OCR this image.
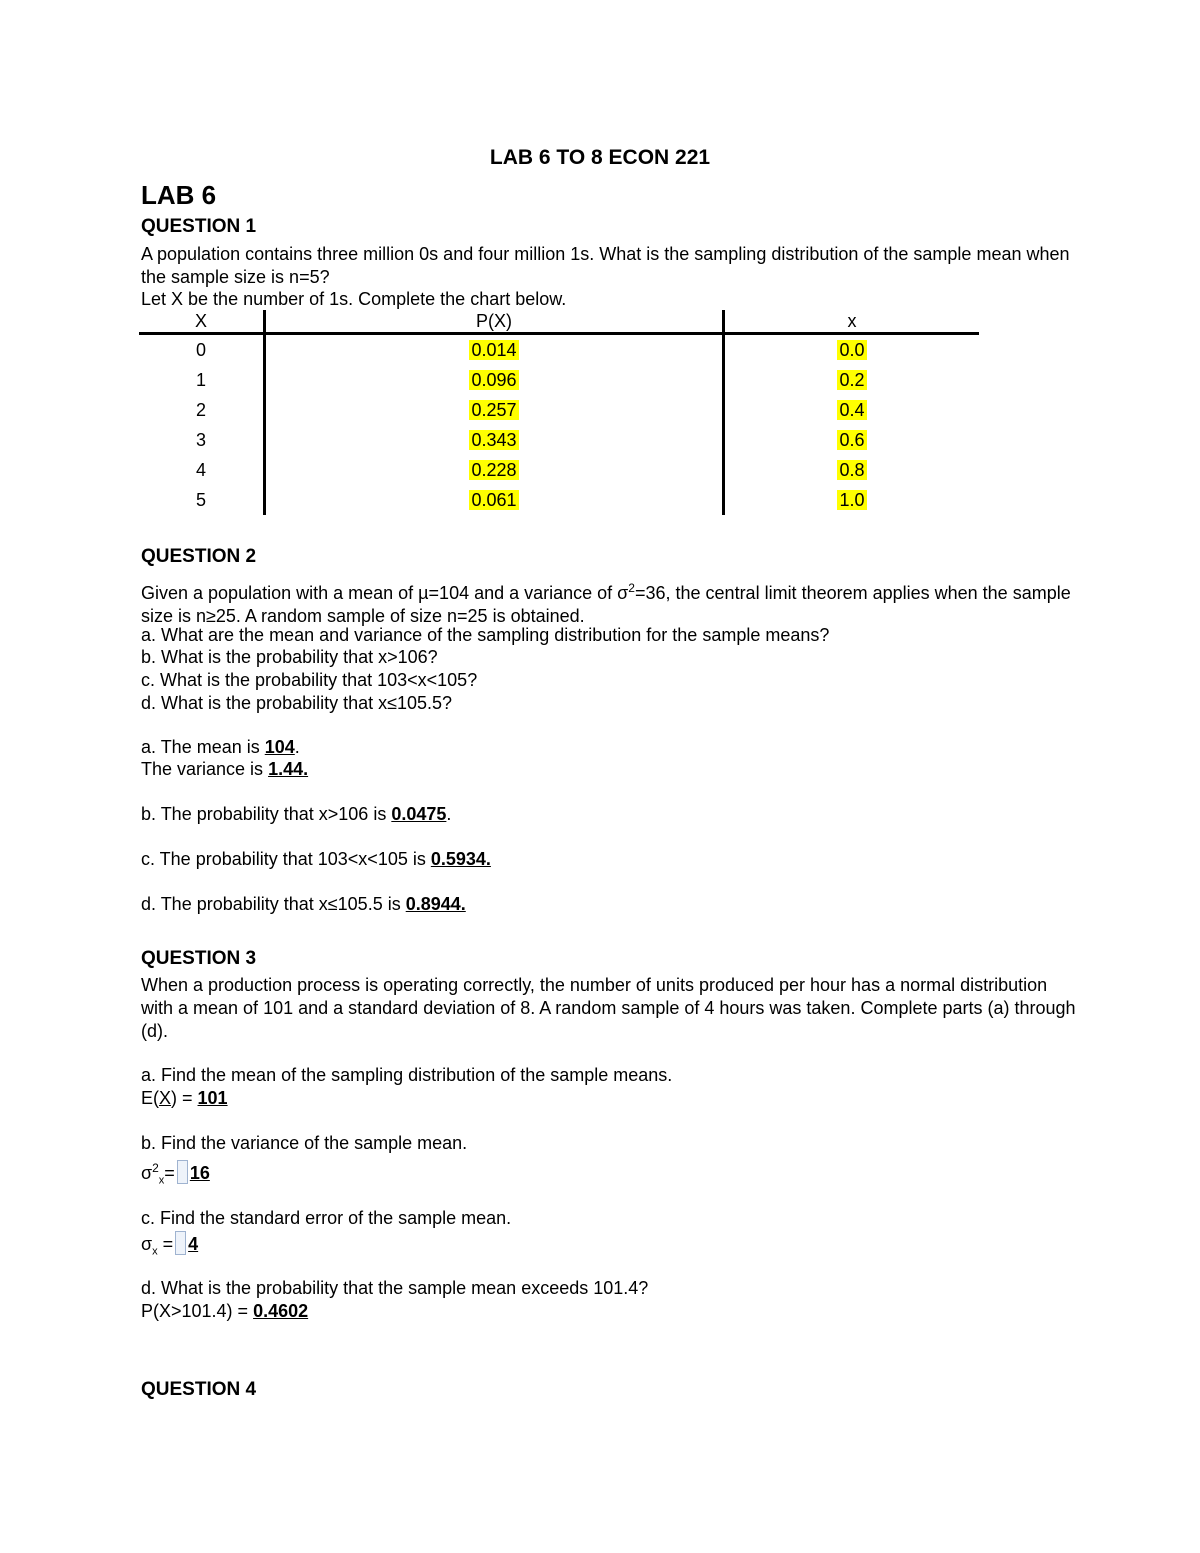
LAB 6 TO 8 ECON 221
LAB 6
QUESTION 1
A population contains three million 0s and four million 1s. What is the sampling distribution of the sample mean when the sample size is n=5?
Let X be the number of 1s. Complete the chart below.
X	P(X)	x
0	0.014	0.0
1	0.096	0.2
2	0.257	0.4
3	0.343	0.6
4	0.228	0.8
5	0.061	1.0
QUESTION 2
Given a population with a mean of µ=104 and a variance of $\sigma^2=36$, the central limit theorem applies when the sample size is n≥25. A random sample of size n=25 is obtained.
a. What are the mean and variance of the sampling distribution for the sample means?
b. What is the probability that x>106?
c. What is the probability that 103<x<105?
d. What is the probability that x≤105.5?
a. The mean is 104.
The variance is 1.44.
b. The probability that x>106 is 0.0475.
c. The probability that 103<x<105 is 0.5934.
d. The probability that x≤105.5 is 0.8944.
QUESTION 3
When a production process is operating correctly, the number of units produced per hour has a normal distribution with a mean of 101 and a standard deviation of 8. A random sample of 4 hours was taken. Complete parts (a) through (d).
a. Find the mean of the sampling distribution of the sample means.
E(X) = 101
b. Find the variance of the sample mean.
$\sigma^2_x= 16$
c. Find the standard error of the sample mean.
$\sigma_x = 4$
d. What is the probability that the sample mean exceeds 101.4?
P(X>101.4) = 0.4602
QUESTION 4
